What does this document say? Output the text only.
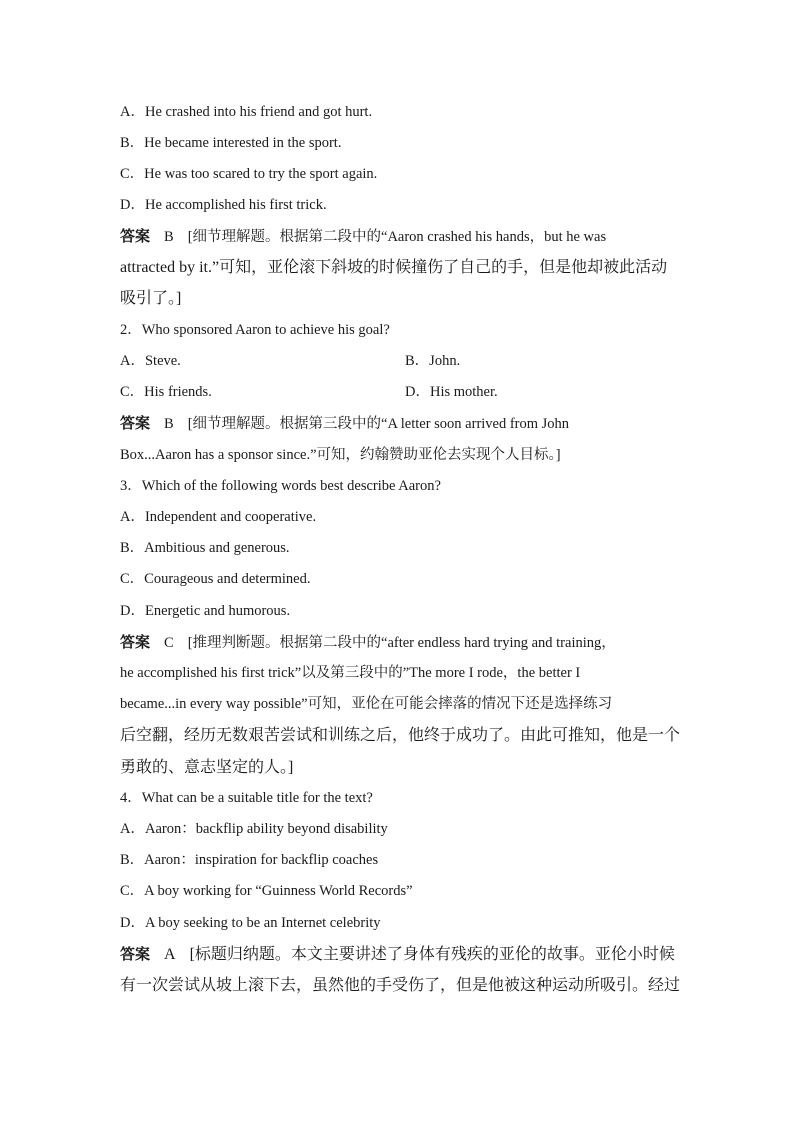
A．He crashed into his friend and got hurt.
B．He became interested in the sport.
C．He was too scared to try the sport again.
D．He accomplished his first trick.
答案 B [细节理解题。根据第二段中的“Aaron crashed his hands，but he was
attracted by it.”可知，亚伦滚下斜坡的时候撞伤了自己的手，但是他却被此活动
吸引了。]
2．Who sponsored Aaron to achieve his goal?
A．Steve.	B．John.
C．His friends.	D．His mother.
答案 B [细节理解题。根据第三段中的“A letter soon arrived from John
Box...Aaron has a sponsor since.”可知，约翰赞助亚伦去实现个人目标。]
3．Which of the following words best describe Aaron?
A．Independent and cooperative.
B．Ambitious and generous.
C．Courageous and determined.
D．Energetic and humorous.
答案 C [推理判断题。根据第二段中的“after endless hard trying and training，
he accomplished his first trick”以及第三段中的”The more I rode，the better I
became...in every way possible”可知，亚伦在可能会摔落的情况下还是选择练习
后空翻，经历无数艰苦尝试和训练之后，他终于成功了。由此可推知，他是一个
勇敢的、意志坚定的人。]
4．What can be a suitable title for the text?
A．Aaron：backflip ability beyond disability
B．Aaron：inspiration for backflip coaches
C．A boy working for “Guinness World Records”
D．A boy seeking to be an Internet celebrity
答案 A [标题归纳题。本文主要讲述了身体有残疾的亚伦的故事。亚伦小时候
有一次尝试从坡上滚下去，虽然他的手受伤了，但是他被这种运动所吸引。经过
